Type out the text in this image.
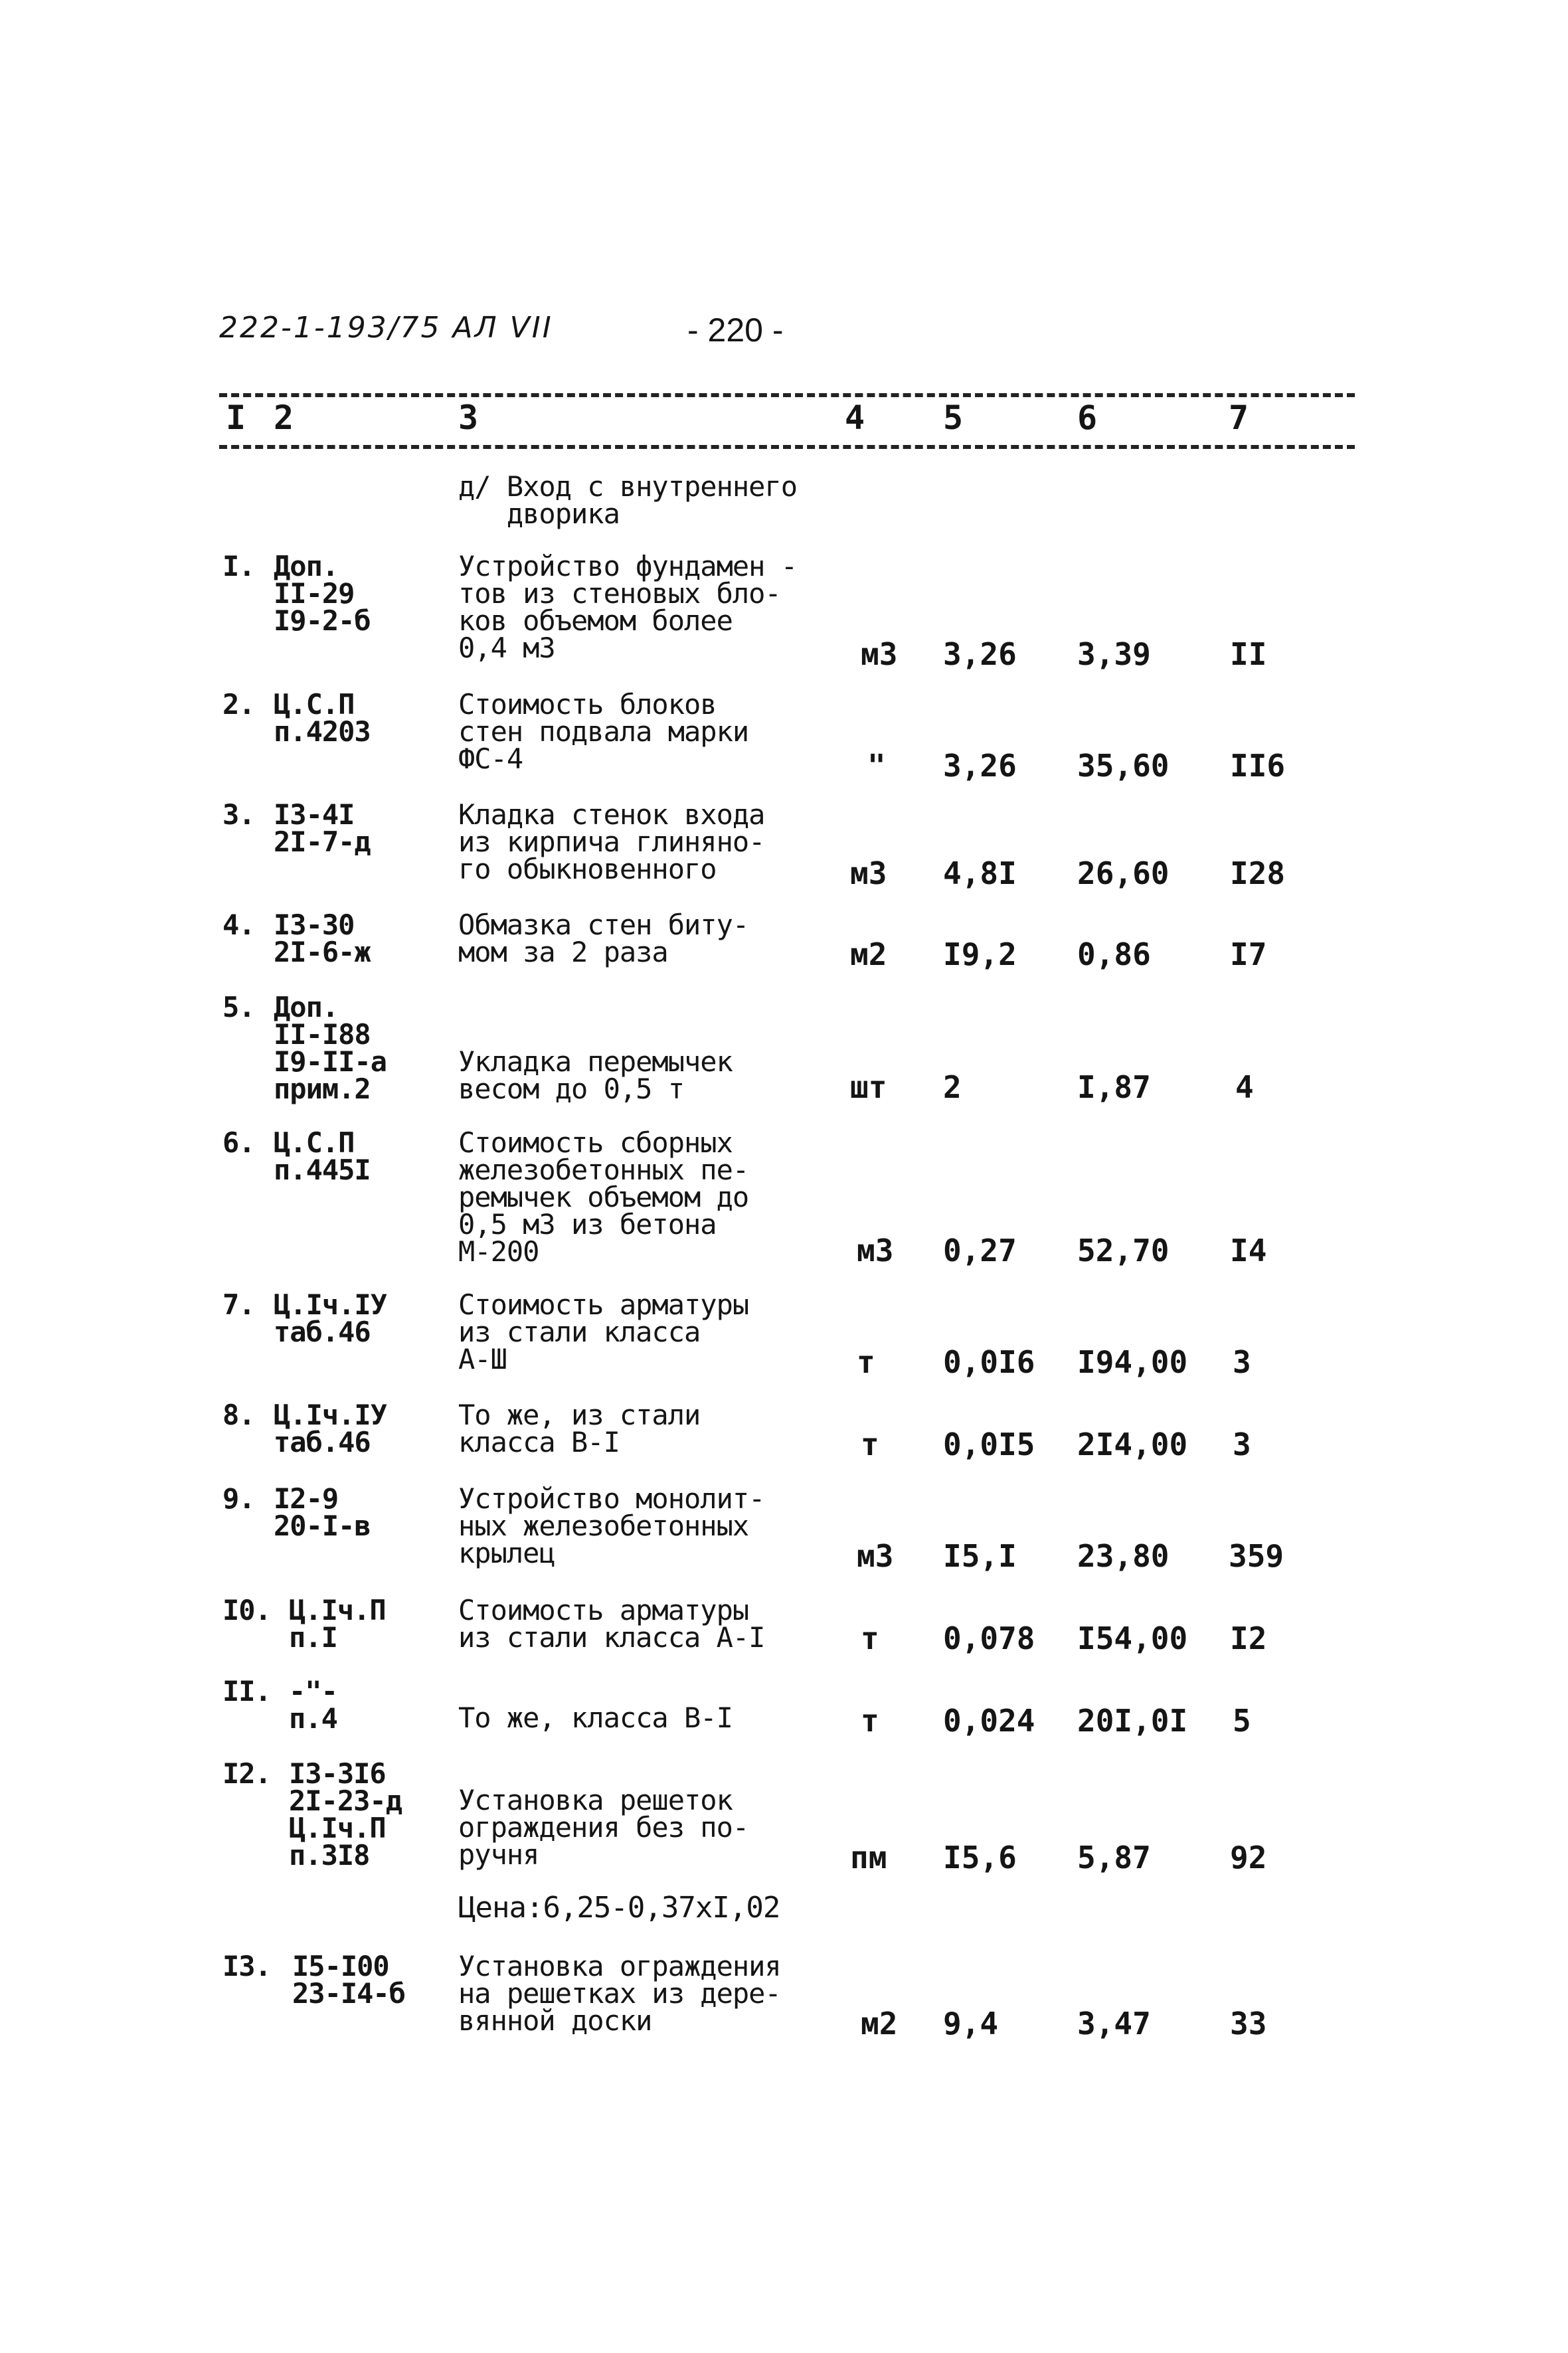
222-1-193/75 АЛ VII	- 220 -
I 2	3	4 5	6	7
д/ Вход с внутреннего
дворика
I. Доп.
II-29
I9-2-б
Устройство фундамен -
тов из стеновых бло-
ков объемом более
0,4 м3	м3 3,26 3,39	II
2. Ц.С.П
п.4203
Стоимость блоков
стен подвала марки
ФС-4	" 3,26 35,60 II6
3. I3-4I
2I-7-д
Кладка стенок входа
из кирпича глиняно-
го обыкновенного	м3 4,8I 26,60 I28
4. I3-30
2I-6-ж
Обмазка стен биту-
мом за 2 раза	м2 I9,2 0,86	I7
5. Доп.
II-I88
I9-II-а
прим.2
Укладка перемычек
весом до 0,5 т	шт 2	I,87	4
6. Ц.С.П
п.445I
Стоимость сборных
железобетонных пе-
ремычек объемом до
0,5 м3 из бетона
М-200	м3 0,27 52,70 I4
7. Ц.Iч.IУ
таб.46
Стоимость арматуры
из стали класса
А-Ш	т 0,0I6 I94,00 3
8. Ц.Iч.IУ
таб.46
То же, из стали
класса В-I	т 0,0I5 2I4,00 3
9. I2-9
20-I-в
Устройство монолит-
ных железобетонных
крылец	м3 I5,I 23,80 359
I0. Ц.Iч.П
п.I
Стоимость арматуры
из стали класса А-I	т 0,078 I54,00 I2
II. -"-
п.4	То же, класса В-I	т 0,024 20I,0I 5
I2. I3-3I6
2I-23-д
Ц.Iч.П
п.3I8
Установка решеток
ограждения без по-
ручня	пм I5,6 5,87	92
Цена:6,25-0,37хI,02
I3. I5-I00
23-I4-б
Установка ограждения
на решетках из дере-
вянной доски	м2 9,4	3,47	33
